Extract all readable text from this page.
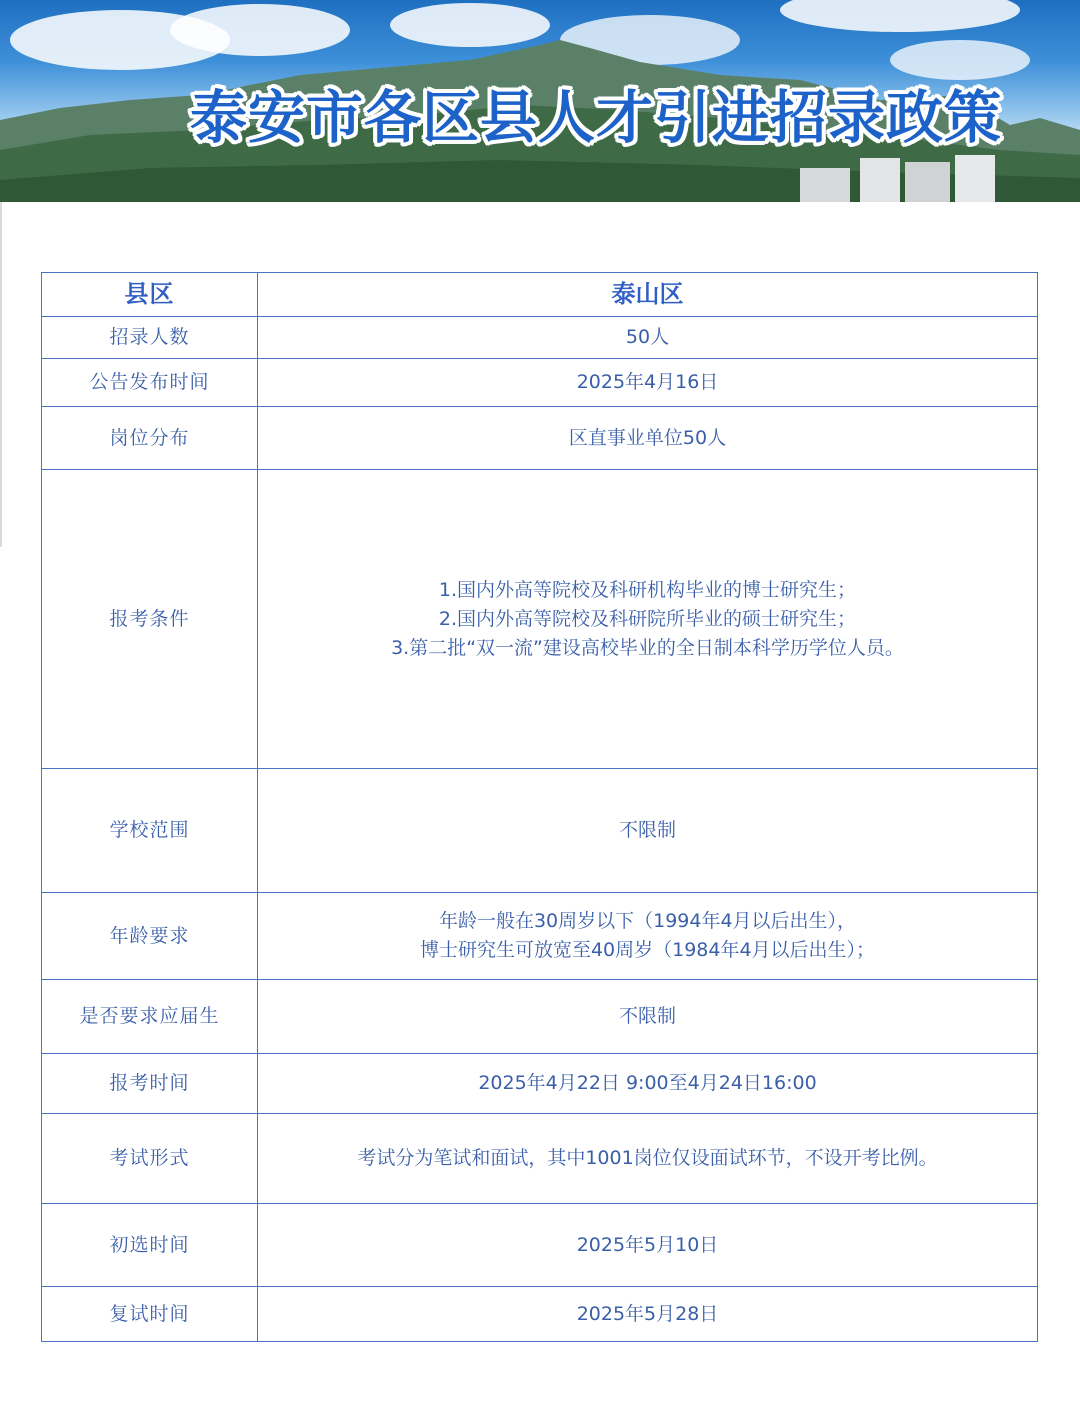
泰安市各区县人才引进招录政策
县区	泰山区
招录人数	50人
公告发布时间	2025年4月16日
岗位分布	区直事业单位50人
报考条件	1.国内外高等院校及科研机构毕业的博士研究生；
2.国内外高等院校及科研院所毕业的硕士研究生；
3.第二批“双一流”建设高校毕业的全日制本科学历学位人员。

学校范围	不限制
年龄要求	年龄一般在30周岁以下（1994年4月以后出生），
博士研究生可放宽至40周岁（1984年4月以后出生）；

是否要求应届生	不限制
报考时间	2025年4月22日 9:00至4月24日16:00
考试形式	考试分为笔试和面试，其中1001岗位仅设面试环节，不设开考比例。
初选时间	2025年5月10日
复试时间	2025年5月28日
